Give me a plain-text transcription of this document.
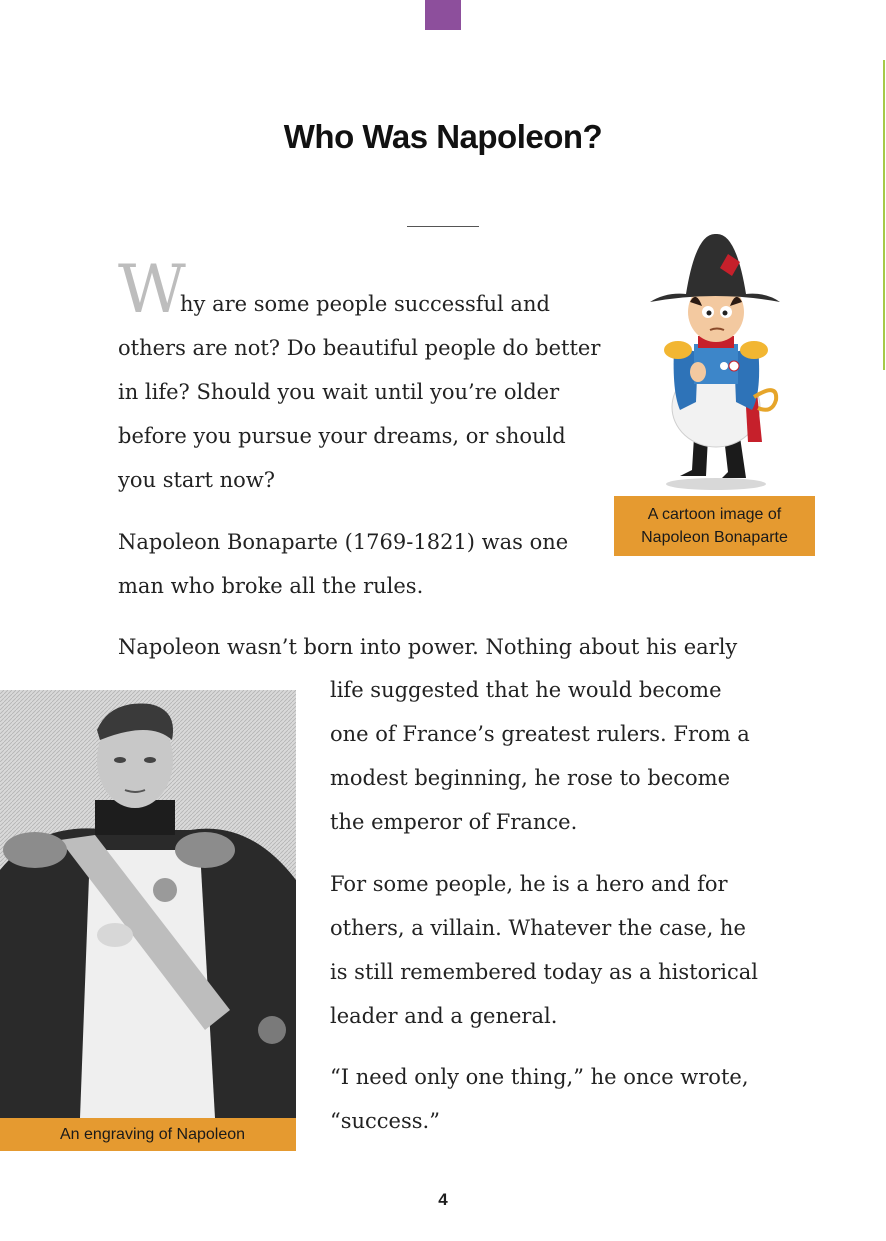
Who Was Napoleon?
W

hy are some people successful and
others are not? Do beautiful people do better
in life? Should you wait until you’re older
before you pursue your dreams, or should
you start now?

Napoleon Bonaparte (1769-1821) was one
man who broke all the rules.

Napoleon wasn’t born into power. Nothing about his early

life suggested that he would become
one of France’s greatest rulers. From a
modest beginning, he rose to become
the emperor of France.

For some people, he is a hero and for
others, a villain. Whatever the case, he
is still remembered today as a historical
leader and a general.

“I need only one thing,” he once wrote,
“success.”

A cartoon image of
Napoleon Bonaparte
An engraving of Napoleon
4
